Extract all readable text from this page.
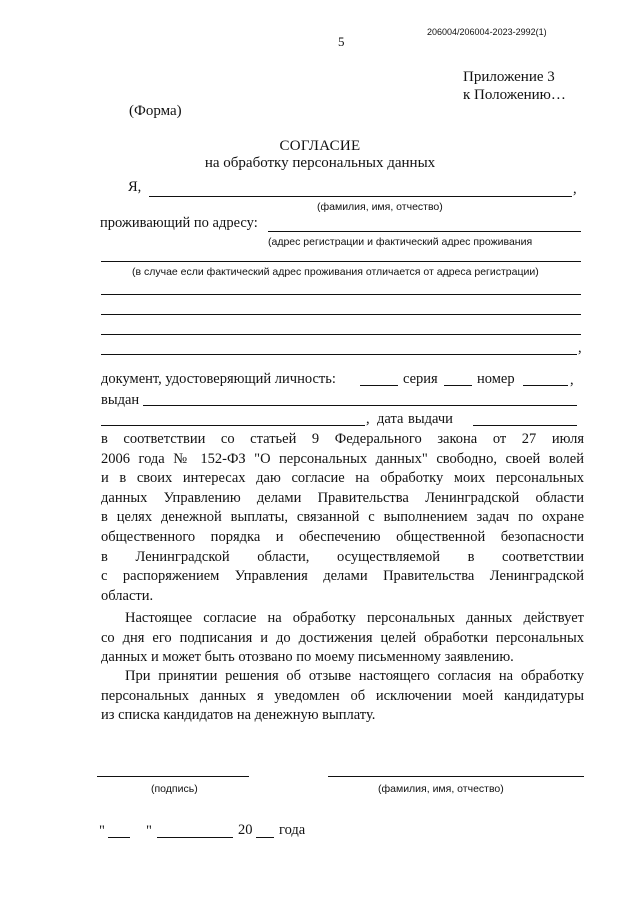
206004/206004-2023-2992(1)
5
Приложение 3
к Положению…
(Форма)
СОГЛАСИЕ
на обработку персональных данных
Я,	,
(фамилия, имя, отчество)
проживающий по адресу:
(адрес регистрации и фактический адрес проживания
(в случае если фактический адрес проживания отличается от адреса регистрации)
,
документ, удостоверяющий личность:	серия	номер	,
выдан
, дата выдачи
в соответствии со статьей 9 Федерального закона от 27 июля
2006 года № 152-ФЗ "О персональных данных" свободно, своей волей
и в своих интересах даю согласие на обработку моих персональных
данных Управлению делами Правительства Ленинградской области
в целях денежной выплаты, связанной с выполнением задач по охране
общественного порядка и обеспечению общественной безопасности
в Ленинградской области, осуществляемой в соответствии
с распоряжением Управления делами Правительства Ленинградской
области.
Настоящее согласие на обработку персональных данных действует
со дня его подписания и до достижения целей обработки персональных
данных и может быть отозвано по моему письменному заявлению.
При принятии решения об отзыве настоящего согласия на обработку
персональных данных я уведомлен об исключении моей кандидатуры
из списка кандидатов на денежную выплату.
(подпись)	(фамилия, имя, отчество)
"	"	20 года
